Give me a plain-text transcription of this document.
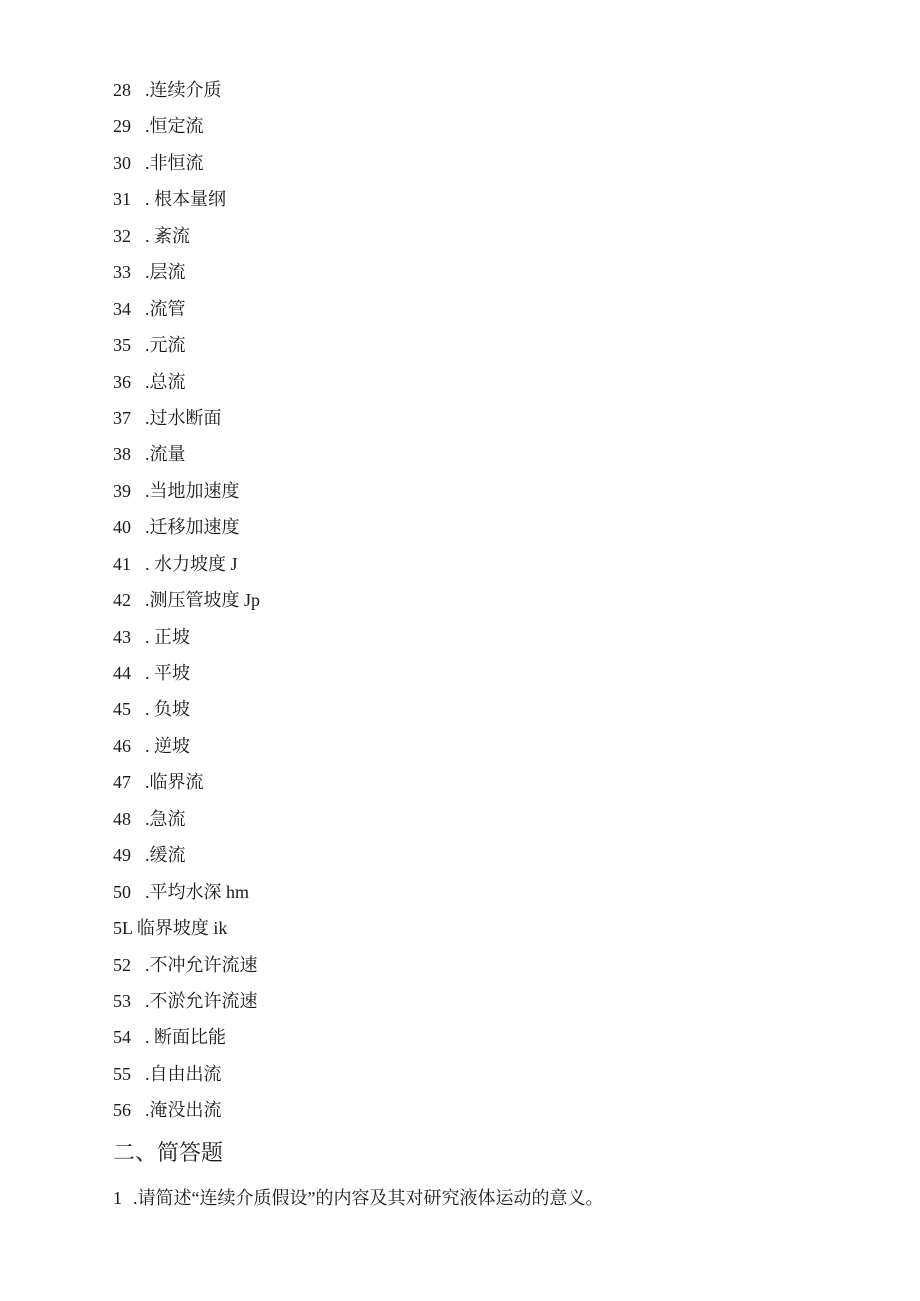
28 .连续介质
29 .恒定流
30 .非恒流
31 . 根本量纲
32 . 紊流
33 .层流
34 .流管
35 .元流
36 .总流
37 .过水断面
38 .流量
39 .当地加速度
40 .迁移加速度
41 . 水力坡度 J
42 .测压管坡度 Jp
43 . 正坡
44 . 平坡
45 . 负坡
46 . 逆坡
47 .临界流
48 .急流
49 .缓流
50 .平均水深 hm
5L 临界坡度 ik
52 .不冲允许流速
53 .不淤允许流速
54 . 断面比能
55 .自由出流
56 .淹没出流
二、简答题

1 .请简述“连续介质假设”的内容及其对研究液体运动的意义。
